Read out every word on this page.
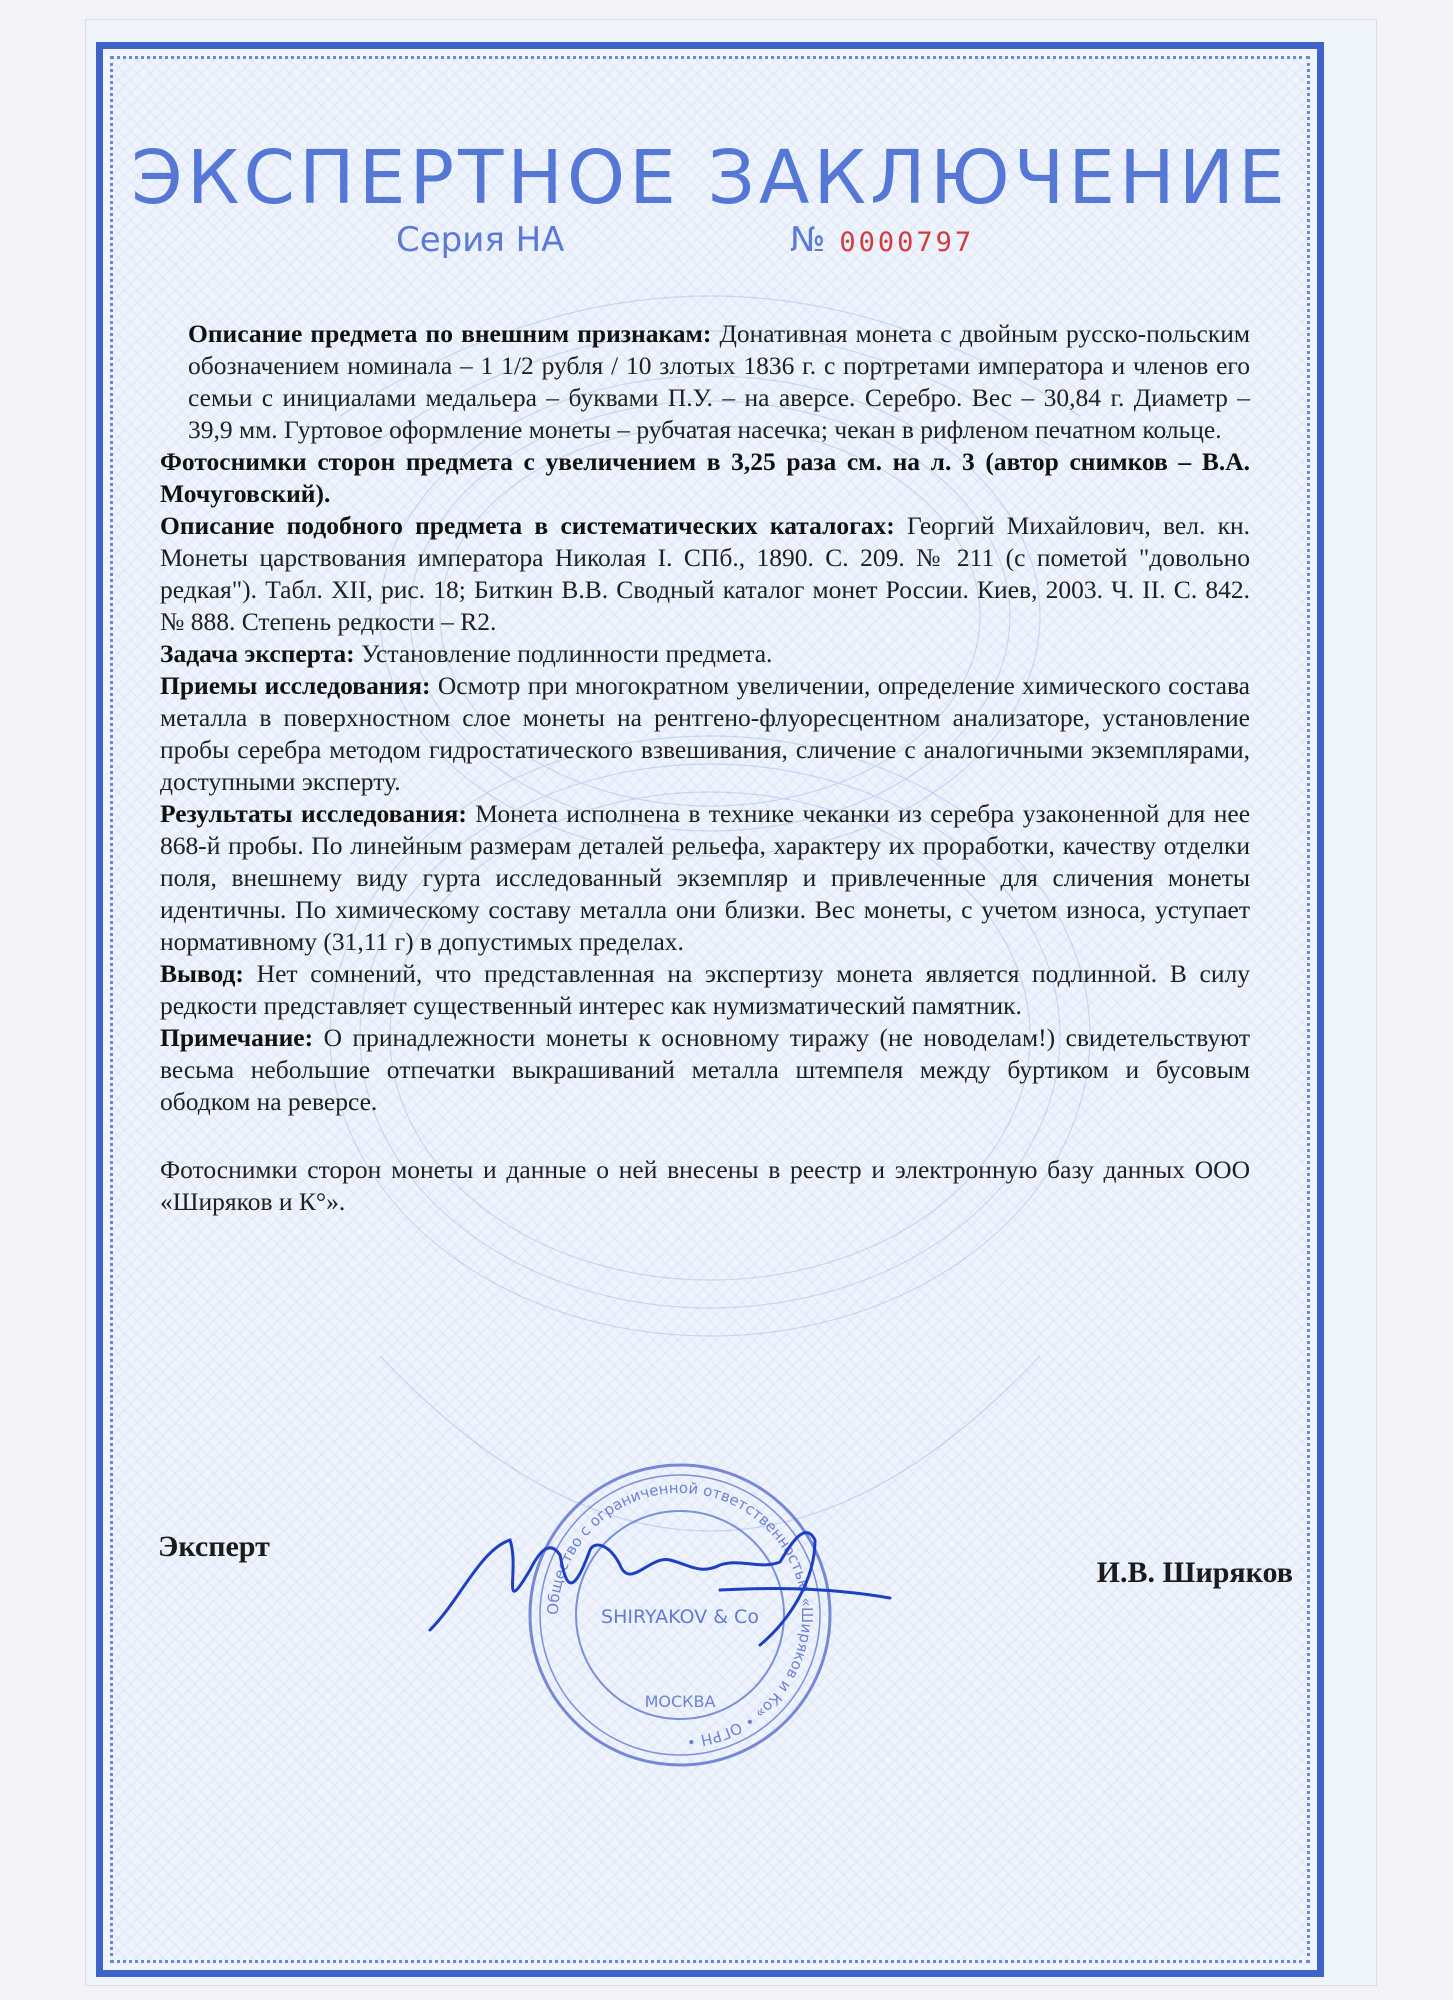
ЭКСПЕРТНОЕ ЗАКЛЮЧЕНИЕ

Серия НА	№ 0000797

Описание предмета по внешним признакам: Донативная монета с двойным русско-польским обозначением номинала – 1 1/2 рубля / 10 злотых 1836 г. с портретами императора и членов его семьи с инициалами медальера – буквами П.У. – на аверсе. Серебро. Вес – 30,84 г. Диаметр – 39,9 мм. Гуртовое оформление монеты – рубчатая насечка; чекан в рифленом печатном кольце.

Фотоснимки сторон предмета с увеличением в 3,25 раза см. на л. 3 (автор снимков – В.А. Мочуговский).

Описание подобного предмета в систематических каталогах: Георгий Михайлович, вел. кн. Монеты царствования императора Николая I. СПб., 1890. С. 209. № 211 (с пометой "довольно редкая"). Табл. XII, рис. 18; Биткин В.В. Сводный каталог монет России. Киев, 2003. Ч. II. С. 842. № 888. Степень редкости – R2.

Задача эксперта: Установление подлинности предмета.

Приемы исследования: Осмотр при многократном увеличении, определение химического состава металла в поверхностном слое монеты на рентгено-флуоресцентном анализаторе, установление пробы серебра методом гидростатического взвешивания, сличение с аналогичными экземплярами, доступными эксперту.

Результаты исследования: Монета исполнена в технике чеканки из серебра узаконенной для нее 868-й пробы. По линейным размерам деталей рельефа, характеру их проработки, качеству отделки поля, внешнему виду гурта исследованный экземпляр и привлеченные для сличения монеты идентичны. По химическому составу металла они близки. Вес монеты, с учетом износа, уступает нормативному (31,11 г) в допустимых пределах.

Вывод: Нет сомнений, что представленная на экспертизу монета является подлинной. В силу редкости представляет существенный интерес как нумизматический памятник.

Примечание: О принадлежности монеты к основному тиражу (не новоделам!) свидетельствуют весьма небольшие отпечатки выкрашиваний металла штемпеля между буртиком и бусовым ободком на реверсе.

Фотоснимки сторон монеты и данные о ней внесены в реестр и электронную базу данных ООО «Ширяков и К°».

Общество с ограниченной ответственностью «Ширяков и Ко» • ОГРН •
SHIRYAKOV & Co
МОСКВА

Эксперт

И.В. Ширяков
